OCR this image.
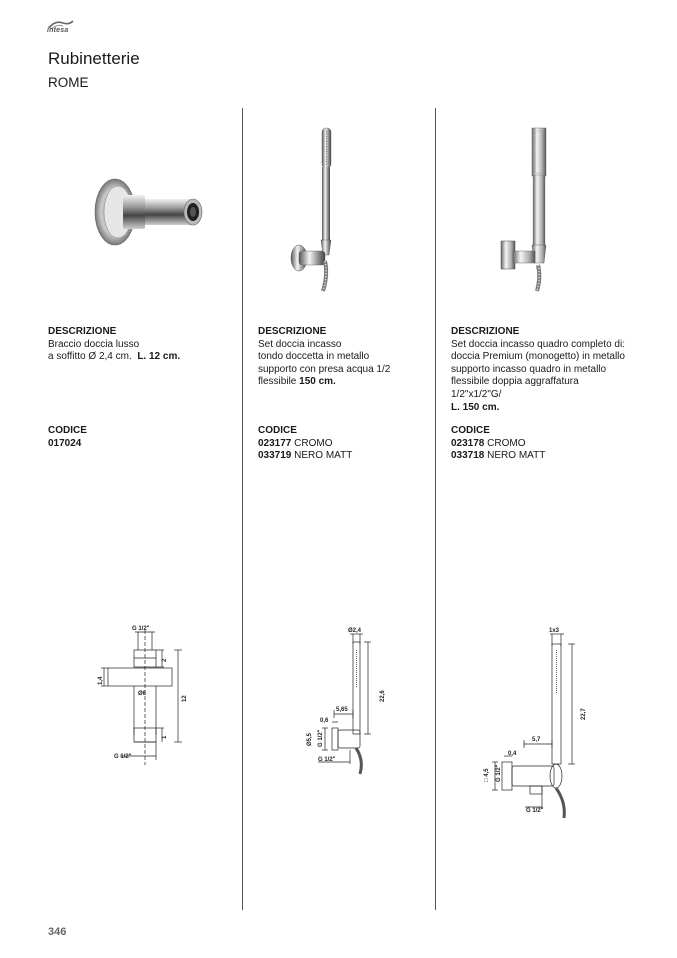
intesa
Rubinetterie
ROME
DESCRIZIONE
Braccio doccia lusso
a soffitto Ø 2,4 cm. L. 12 cm.
CODICE
017024
DESCRIZIONE
Set doccia incasso
tondo doccetta in metallo
supporto con presa acqua 1/2
flessibile 150 cm.
CODICE
023177 CROMO
033719 NERO MATT
DESCRIZIONE
Set doccia incasso quadro completo di:
doccia Premium (monogetto) in metallo
supporto incasso quadro in metallo
flessibile doppia aggraffatura
1/2"x1/2"G/
L. 150 cm.
CODICE
023178 CROMO
033718 NERO MATT
G 1/2"
2
1,4
Ø6
12
1
G 1/2"
Ø2,4
22,6
5,65
0,6
Ø5,5 G 1/2"
G 1/2"
1x3
22,7
5,7
0,4
□ 4,5 G 1/2"
G 1/2"
346
